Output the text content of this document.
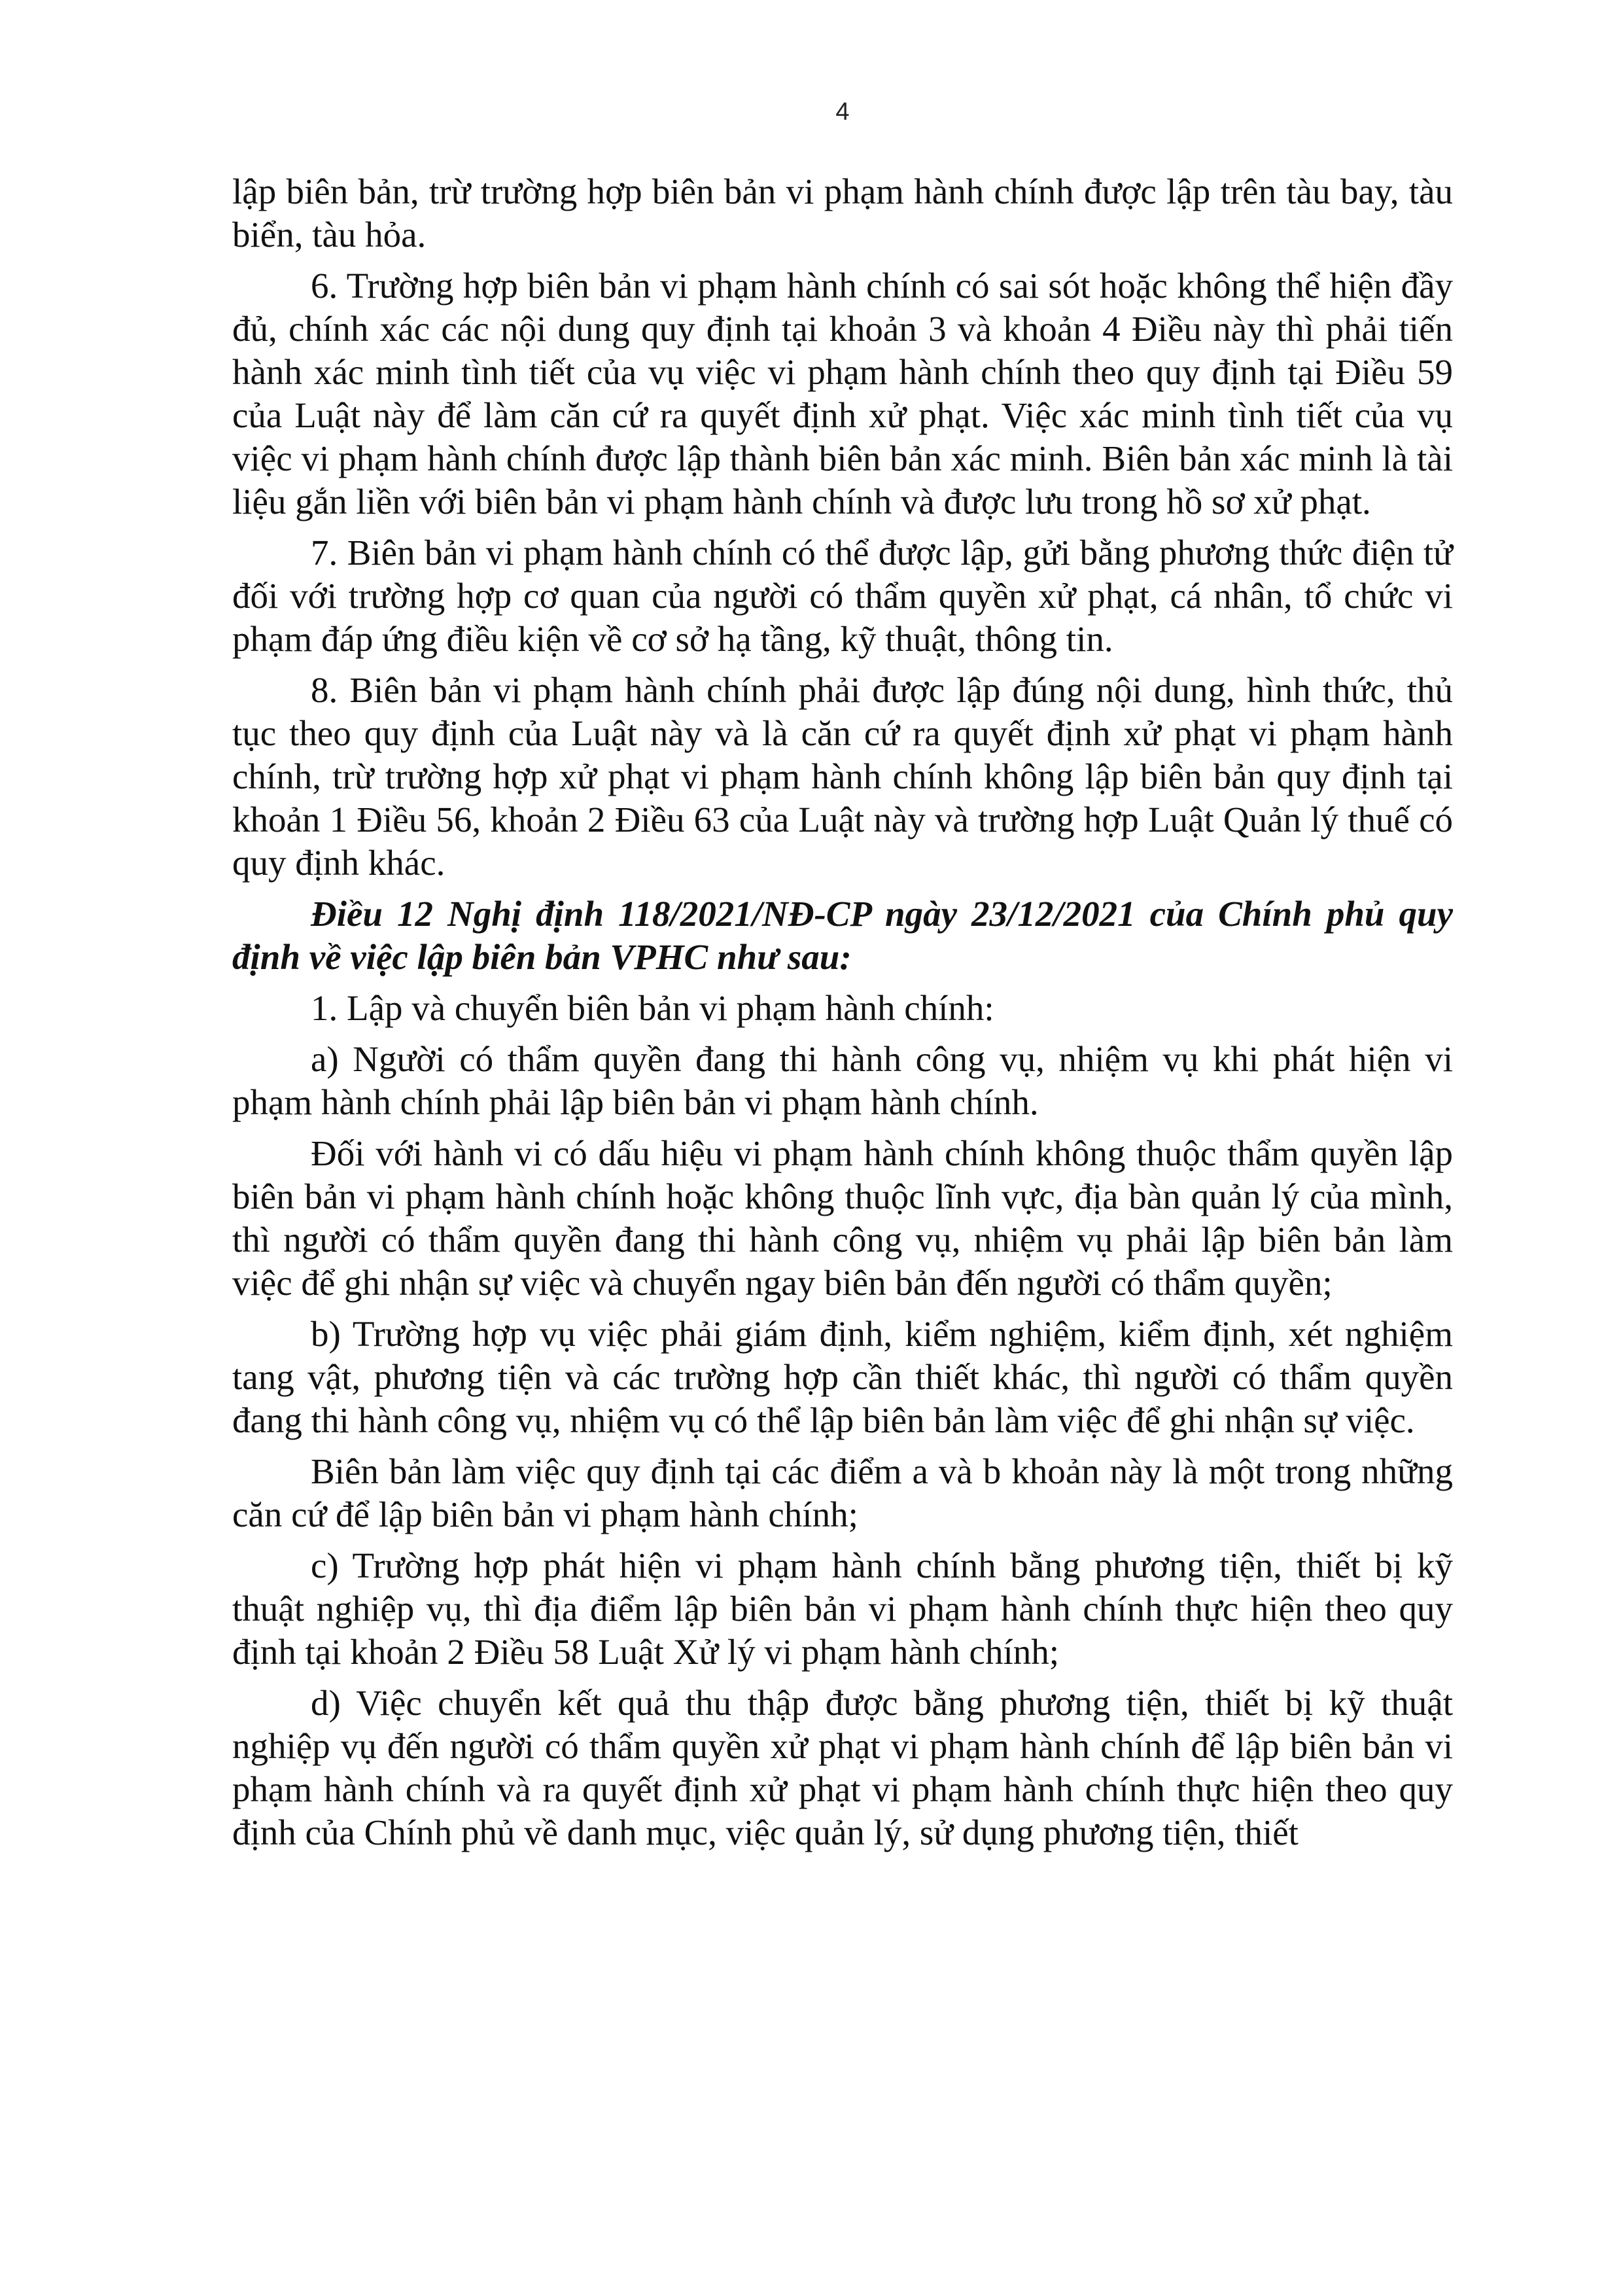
4

lập biên bản, trừ trường hợp biên bản vi phạm hành chính được lập trên tàu bay, tàu biển, tàu hỏa.

6. Trường hợp biên bản vi phạm hành chính có sai sót hoặc không thể hiện đầy đủ, chính xác các nội dung quy định tại khoản 3 và khoản 4 Điều này thì phải tiến hành xác minh tình tiết của vụ việc vi phạm hành chính theo quy định tại Điều 59 của Luật này để làm căn cứ ra quyết định xử phạt. Việc xác minh tình tiết của vụ việc vi phạm hành chính được lập thành biên bản xác minh. Biên bản xác minh là tài liệu gắn liền với biên bản vi phạm hành chính và được lưu trong hồ sơ xử phạt.

7. Biên bản vi phạm hành chính có thể được lập, gửi bằng phương thức điện tử đối với trường hợp cơ quan của người có thẩm quyền xử phạt, cá nhân, tổ chức vi phạm đáp ứng điều kiện về cơ sở hạ tầng, kỹ thuật, thông tin.

8. Biên bản vi phạm hành chính phải được lập đúng nội dung, hình thức, thủ tục theo quy định của Luật này và là căn cứ ra quyết định xử phạt vi phạm hành chính, trừ trường hợp xử phạt vi phạm hành chính không lập biên bản quy định tại khoản 1 Điều 56, khoản 2 Điều 63 của Luật này và trường hợp Luật Quản lý thuế có quy định khác.

Điều 12 Nghị định 118/2021/NĐ-CP ngày 23/12/2021 của Chính phủ quy định về việc lập biên bản VPHC như sau:

1. Lập và chuyển biên bản vi phạm hành chính:

a) Người có thẩm quyền đang thi hành công vụ, nhiệm vụ khi phát hiện vi phạm hành chính phải lập biên bản vi phạm hành chính.

Đối với hành vi có dấu hiệu vi phạm hành chính không thuộc thẩm quyền lập biên bản vi phạm hành chính hoặc không thuộc lĩnh vực, địa bàn quản lý của mình, thì người có thẩm quyền đang thi hành công vụ, nhiệm vụ phải lập biên bản làm việc để ghi nhận sự việc và chuyển ngay biên bản đến người có thẩm quyền;

b) Trường hợp vụ việc phải giám định, kiểm nghiệm, kiểm định, xét nghiệm tang vật, phương tiện và các trường hợp cần thiết khác, thì người có thẩm quyền đang thi hành công vụ, nhiệm vụ có thể lập biên bản làm việc để ghi nhận sự việc.

Biên bản làm việc quy định tại các điểm a và b khoản này là một trong những căn cứ để lập biên bản vi phạm hành chính;

c) Trường hợp phát hiện vi phạm hành chính bằng phương tiện, thiết bị kỹ thuật nghiệp vụ, thì địa điểm lập biên bản vi phạm hành chính thực hiện theo quy định tại khoản 2 Điều 58 Luật Xử lý vi phạm hành chính;

d) Việc chuyển kết quả thu thập được bằng phương tiện, thiết bị kỹ thuật nghiệp vụ đến người có thẩm quyền xử phạt vi phạm hành chính để lập biên bản vi phạm hành chính và ra quyết định xử phạt vi phạm hành chính thực hiện theo quy định của Chính phủ về danh mục, việc quản lý, sử dụng phương tiện, thiết
